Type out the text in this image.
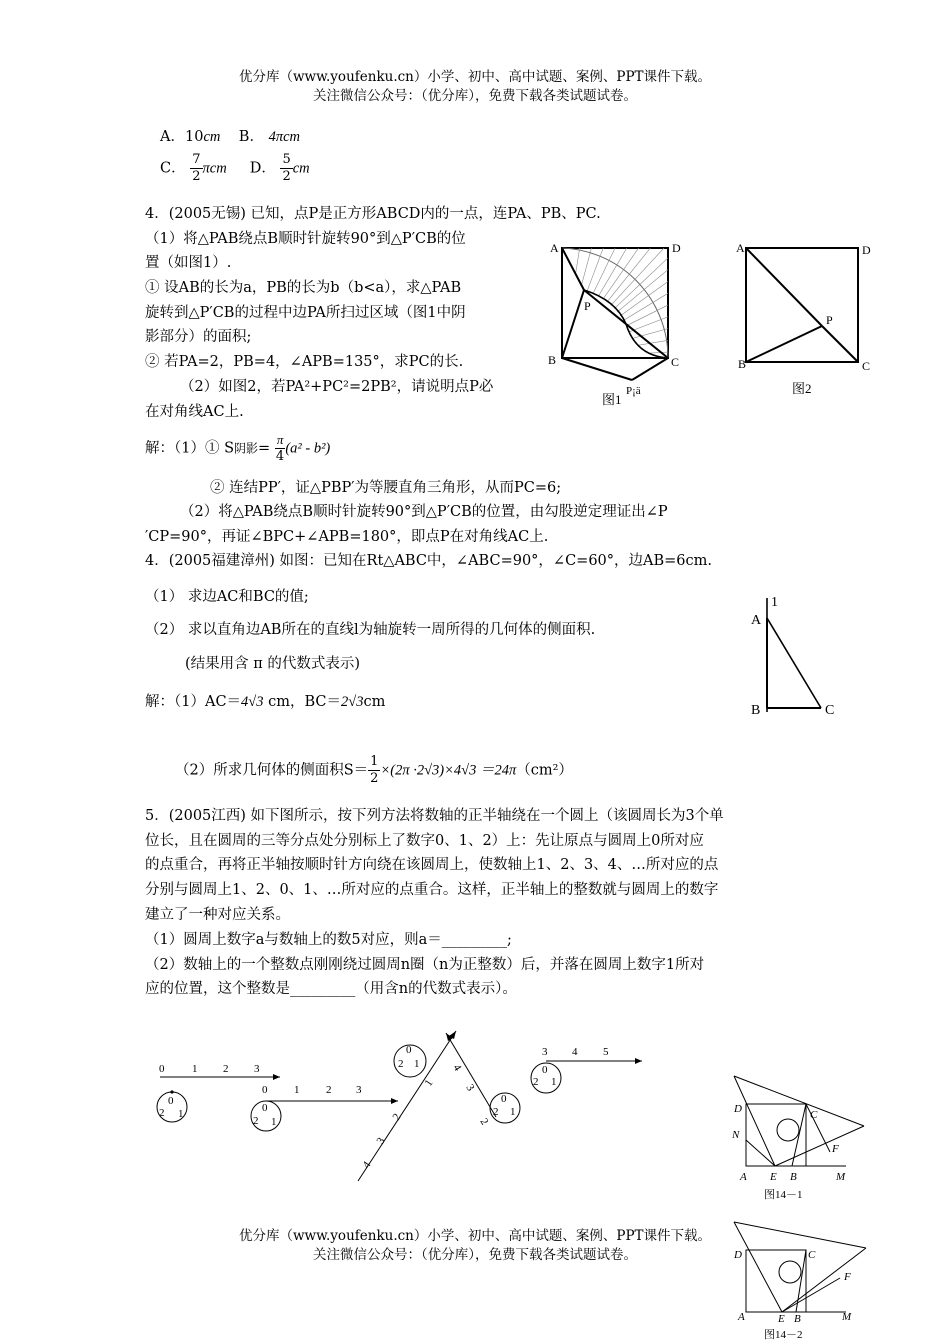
优分库（www.youfenku.cn）小学、初中、高中试题、案例、PPT课件下载。
关注微信公众号：（优分库），免费下载各类试题试卷。
A．10cm B． 4πcm
C． $\frac{7}{2}$ πcm D． $\frac{5}{2}$ cm
4．(2005无锡) 已知，点P是正方形ABCD内的一点，连PA、PB、PC.
（1）将△PAB绕点B顺时针旋转90°到△P′CB的位
置（如图1）.
① 设AB的长为a，PB的长为b（b<a），求△PAB
旋转到△P′CB的过程中边PA所扫过区域（图1中阴
影部分）的面积;
② 若PA=2，PB=4，∠APB=135°，求PC的长.
（2）如图2，若PA²+PC²=2PB²，请说明点P必
在对角线AC上.
A	D
B	C
P
P¡ä
图1
A	D
B	C
P
图2
解：（1）① S阴影= $\frac{\pi}{4} (a^2 - b^2)$
② 连结PP′，证△PBP′为等腰直角三角形，从而PC=6;
（2）将△PAB绕点B顺时针旋转90°到△P′CB的位置，由勾股逆定理证出∠P
′CP=90°，再证∠BPC+∠APB=180°，即点P在对角线AC上.
4．(2005福建漳州) 如图：已知在Rt△ABC中，∠ABC=90°，∠C=60°，边AB=6cm.
（1） 求边AC和BC的值;
（2） 求以直角边AB所在的直线l为轴旋转一周所得的几何体的侧面积.
(结果用含 π 的代数式表示)
解：（1）AC＝4√3 cm，BC＝2√3cm
（2）所求几何体的侧面积$S= \frac{1}{2} \times(2\pi \cdot 2√3)\times 4√3 =24\pi(cm^2)$
1
A
B	C
5．(2005江西) 如下图所示，按下列方法将数轴的正半轴绕在一个圆上（该圆周长为3个单
位长，且在圆周的三等分点处分别标上了数字0、1、2）上：先让原点与圆周上0所对应
的点重合，再将正半轴按顺时针方向绕在该圆周上，使数轴上1、2、3、4、…所对应的点
分别与圆周上1、2、0、1、…所对应的点重合。这样，正半轴上的整数就与圆周上的数字
建立了一种对应关系。
（1）圆周上数字a与数轴上的数5对应，则a＝_________;
（2）数轴上的一个整数点刚刚绕过圆周n圈（n为正整数）后，并落在圆周上数字1所对
应的位置，这个整数是_________（用含n的代数式表示）。
0	1 2 3
0
2 1
0 1 2 3
0
2 1	2
3
4
0
2 1
1
4
3
2
0
2 1
3 4 5
0
2 1
D
N
C
F
A E B	M
图14－1
优分库（www.youfenku.cn）小学、初中、高中试题、案例、PPT课件下载。
关注微信公众号：（优分库），免费下载各类试题试卷。	D	C
F
A	E B	M
图14－2
